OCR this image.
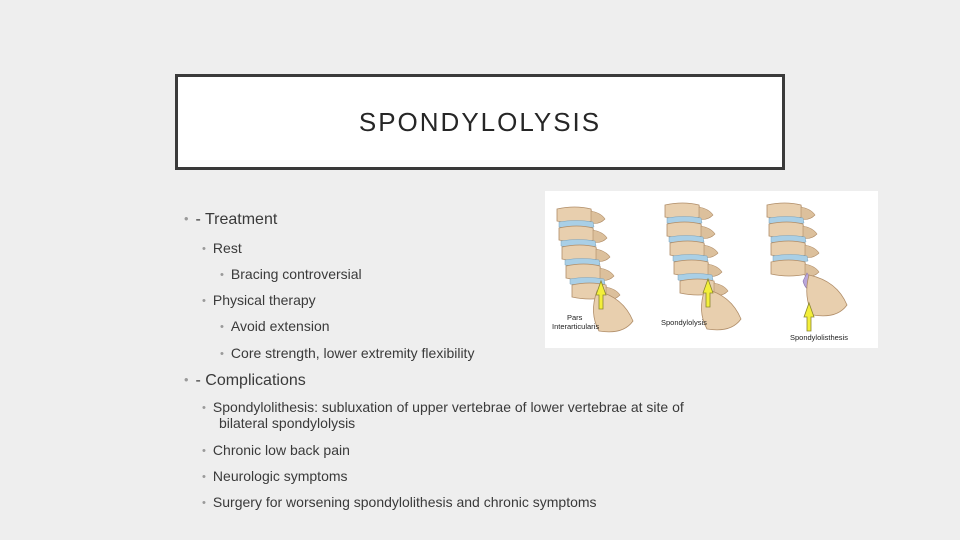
SPONDYLOLYSIS
• - Treatment
• Rest
• Bracing controversial
• Physical therapy
• Avoid extension
• Core strength, lower extremity flexibility
• - Complications
• Spondylolithesis: subluxation of upper vertebrae of lower vertebrae at site of
bilateral spondylolysis
• Chronic low back pain
• Neurologic symptoms
• Surgery for worsening spondylolithesis and chronic symptoms
Pars
Interarticularis	Spondylolysis
Spondylolisthesis
